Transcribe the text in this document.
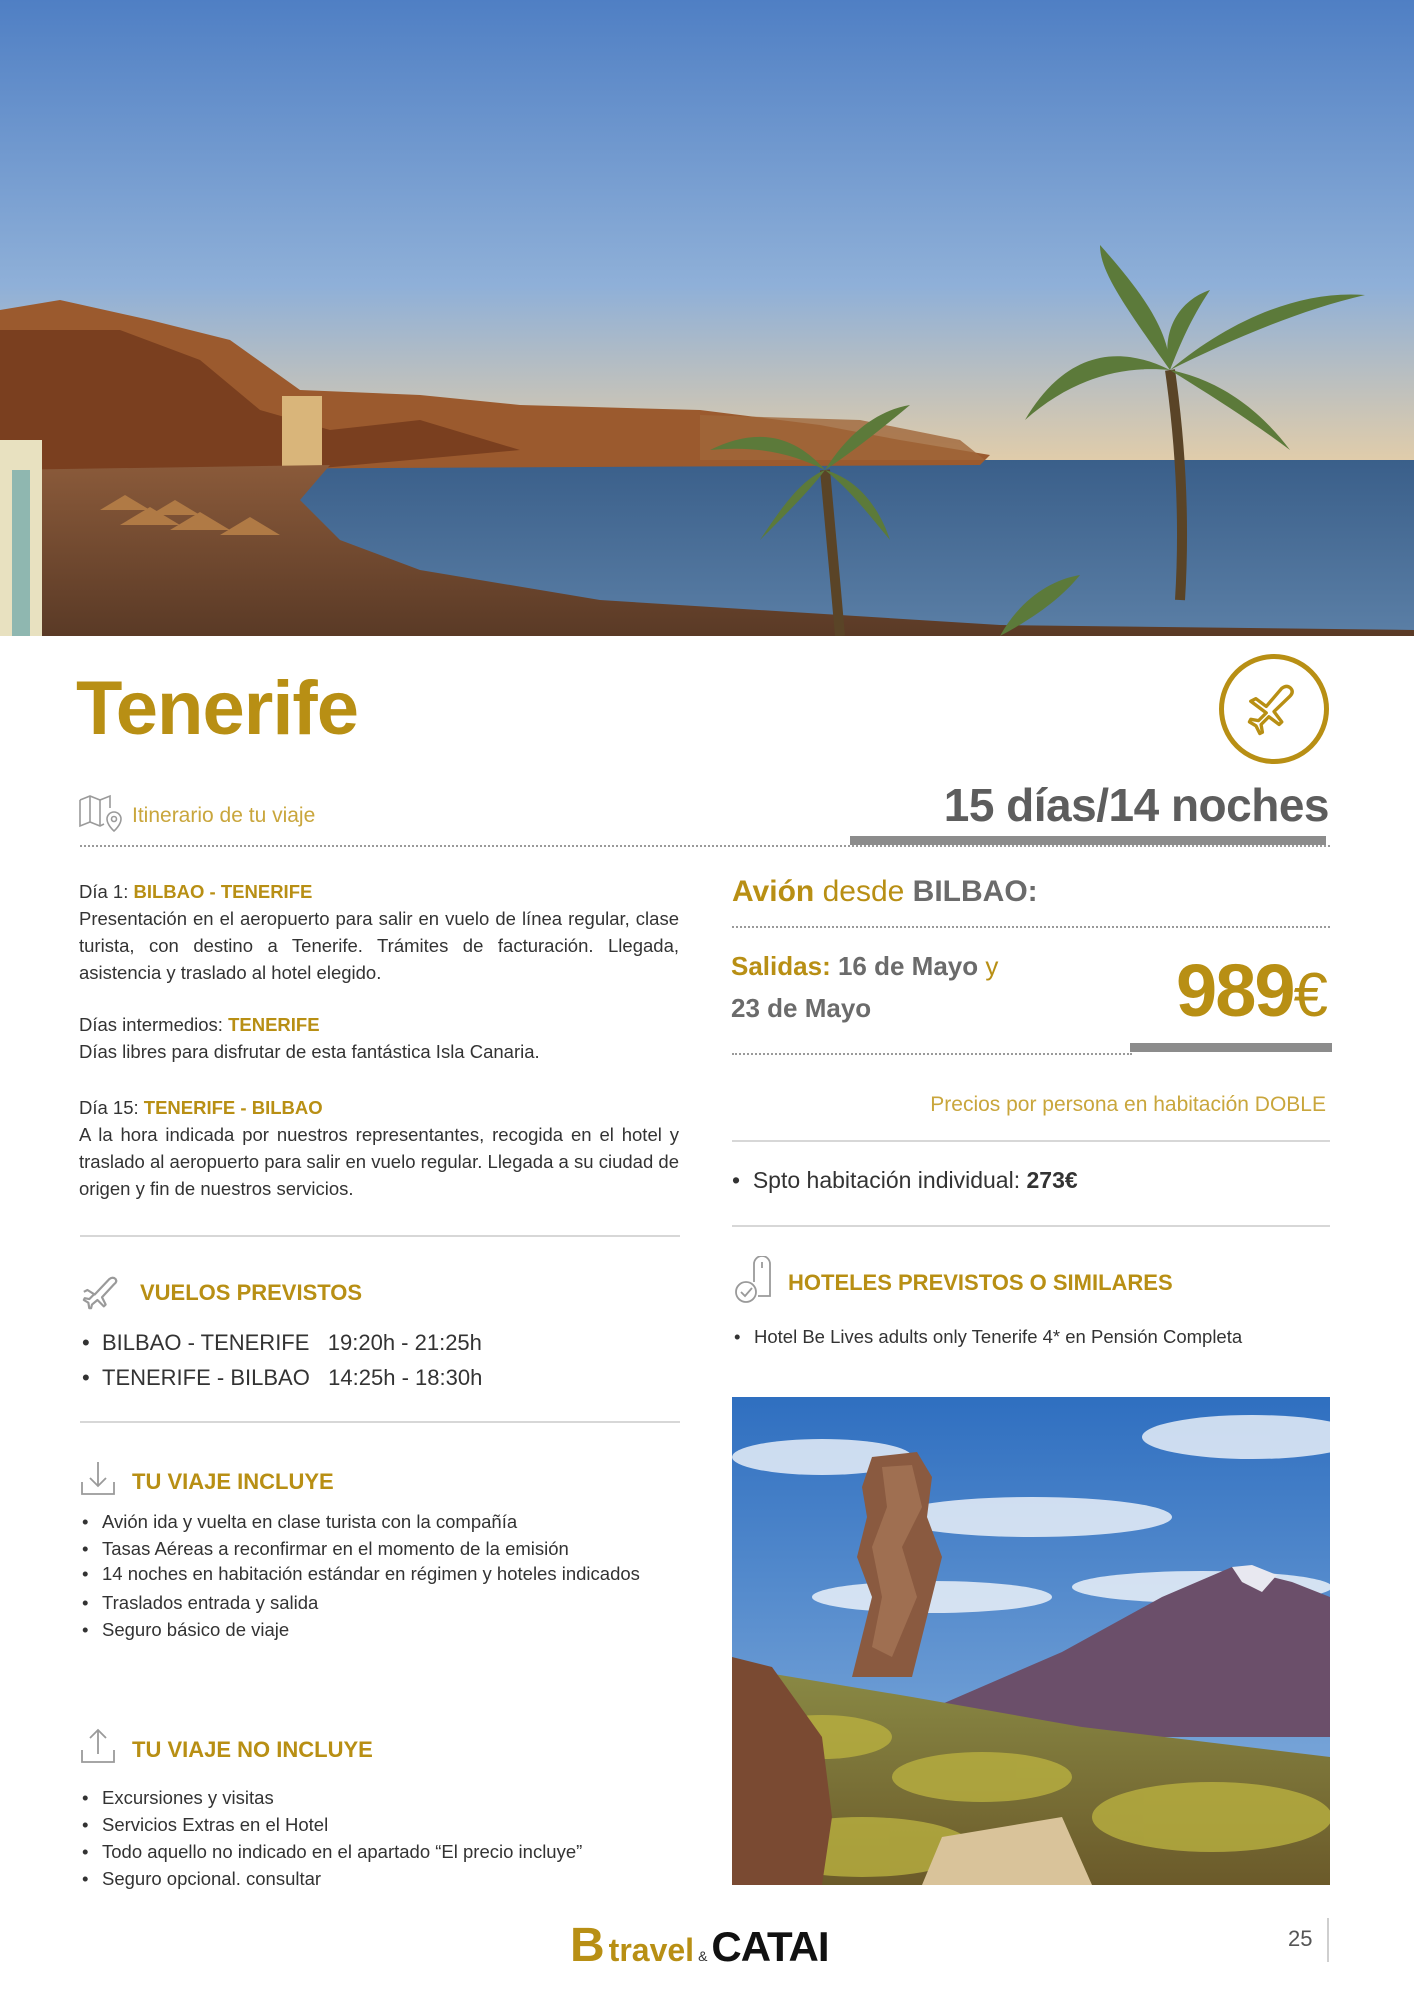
Tenerife
Itinerario de tu viaje	15 días/14 noches
Día 1: BILBAO - TENERIFE

Presentación en el aeropuerto para salir en vuelo de línea regular, clase turista, con destino a Tenerife. Trámites de facturación. Llegada, asistencia y traslado al hotel elegido.

Días intermedios: TENERIFE

Días libres para disfrutar de esta fantástica Isla Canaria.

Día 15: TENERIFE - BILBAO

A la hora indicada por nuestros representantes, recogida en el hotel y traslado al aeropuerto para salir en vuelo regular. Llegada a su ciudad de origen y fin de nuestros servicios.

VUELOS PREVISTOS
• BILBAO - TENERIFE 19:20h - 21:25h
• TENERIFE - BILBAO 14:25h - 18:30h
TU VIAJE INCLUYE
• Avión ida y vuelta en clase turista con la compañía
• Tasas Aéreas a reconfirmar en el momento de la emisión
• 14 noches en habitación estándar en régimen y hoteles indicados
• Traslados entrada y salida
• Seguro básico de viaje
TU VIAJE NO INCLUYE
• Excursiones y visitas
• Servicios Extras en el Hotel
• Todo aquello no indicado en el apartado “El precio incluye”
• Seguro opcional. consultar
Avión desde BILBAO:
Salidas: 16 de Mayo y
23 de Mayo	989€
Precios por persona en habitación DOBLE
•  Spto habitación individual: 273€
HOTELES PREVISTOS O SIMILARES
• Hotel Be Lives adults only Tenerife 4* en Pensión Completa
B travel & CATAI	25
